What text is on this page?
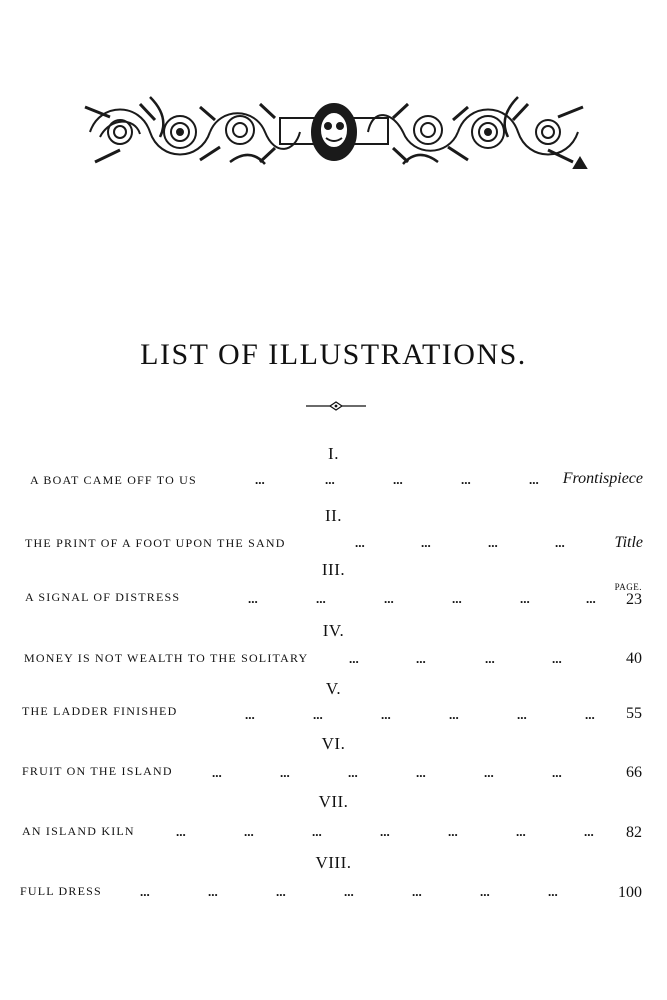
LIST OF ILLUSTRATIONS.
PAGE.
I.
A BOAT CAME OFF TO US	...	...	...	...	...	Frontispiece
II.
THE PRINT OF A FOOT UPON THE SAND	...	...	...	...	Title
III.
A SIGNAL OF DISTRESS	...	...	...	...	...	...	23
IV.
MONEY IS NOT WEALTH TO THE SOLITARY	...	...	...	...	40
V.
THE LADDER FINISHED	...	...	...	...	...	...	55
VI.
FRUIT ON THE ISLAND	...	...	...	...	...	...	66
VII.
AN ISLAND KILN	...	...	...	...	...	...	...	82
VIII.
FULL DRESS	...	...	...	...	...	...	...	100
